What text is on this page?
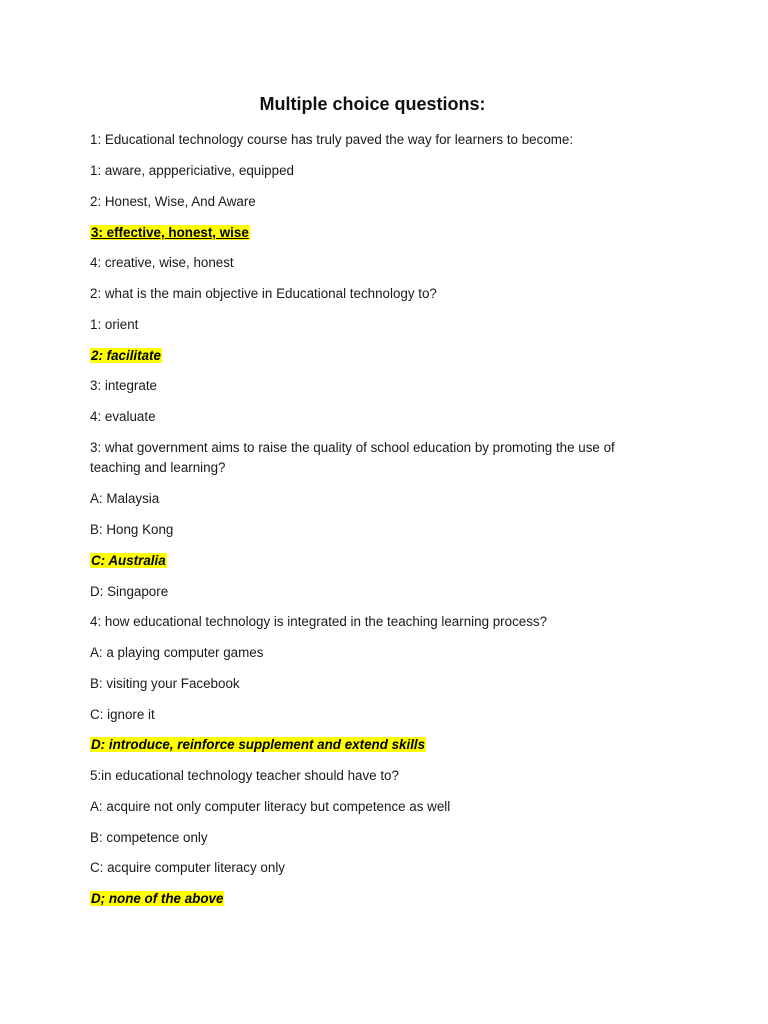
Multiple choice questions:
1: Educational technology course has truly paved the way for learners to become:
1: aware, apppericiative, equipped
2: Honest, Wise, And Aware
3: effective, honest, wise
4: creative, wise, honest
2: what is the main objective in Educational technology to?
1: orient
2: facilitate
3: integrate
4: evaluate
3: what government aims to raise the quality of school education by promoting the use of teaching and learning?
A: Malaysia
B: Hong Kong
C: Australia
D: Singapore
4: how educational technology is integrated in the teaching learning process?
A: a playing computer games
B: visiting your Facebook
C: ignore it
D: introduce, reinforce supplement and extend skills
5:in educational technology teacher should have to?
A: acquire not only computer literacy but competence as well
B: competence only
C: acquire computer literacy only
D; none of the above
